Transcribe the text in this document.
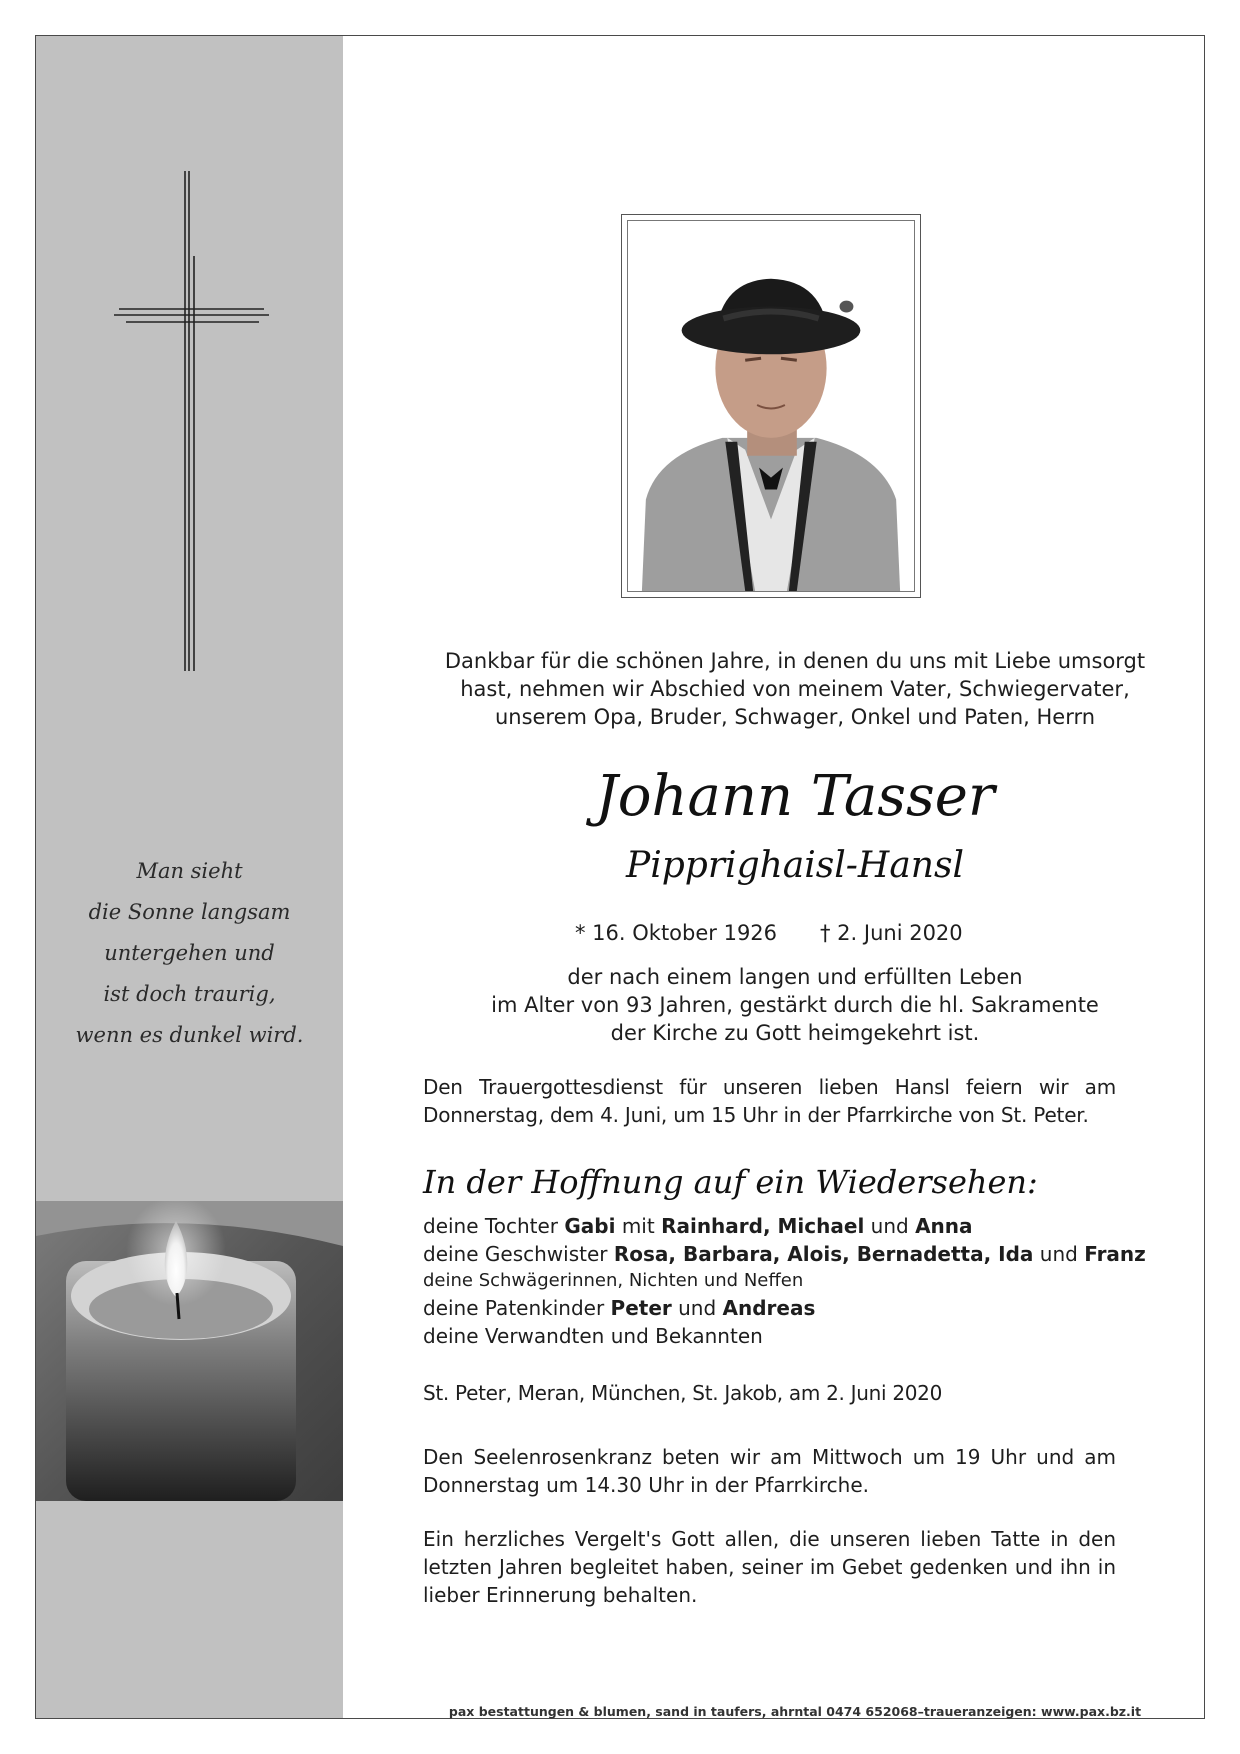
Man sieht
die Sonne langsam
untergehen und
ist doch traurig,
wenn es dunkel wird.
Dankbar für die schönen Jahre, in denen du uns mit Liebe umsorgt
hast, nehmen wir Abschied von meinem Vater, Schwiegervater,
unserem Opa, Bruder, Schwager, Onkel und Paten, Herrn
Johann Tasser
Pipprighaisl-Hansl
* 16. Oktober 1926	† 2. Juni 2020
der nach einem langen und erfüllten Leben
im Alter von 93 Jahren, gestärkt durch die hl. Sakramente
der Kirche zu Gott heimgekehrt ist.
Den Trauergottesdienst für unseren lieben Hansl feiern wir am Donnerstag, dem 4. Juni, um 15 Uhr in der Pfarrkirche von St. Peter.
In der Hoffnung auf ein Wiedersehen:
deine Tochter Gabi mit Rainhard, Michael und Anna
deine Geschwister Rosa, Barbara, Alois, Bernadetta, Ida und Franz
deine Schwägerinnen, Nichten und Neffen
deine Patenkinder Peter und Andreas
deine Verwandten und Bekannten
St. Peter, Meran, München, St. Jakob, am 2. Juni 2020
Den Seelenrosenkranz beten wir am Mittwoch um 19 Uhr und am Donnerstag um 14.30 Uhr in der Pfarrkirche.
Ein herzliches Vergelt's Gott allen, die unseren lieben Tatte in den letzten Jahren begleitet haben, seiner im Gebet gedenken und ihn in lieber Erinnerung behalten.
pax bestattungen & blumen, sand in taufers, ahrntal 0474 652068–traueranzeigen: www.pax.bz.it
